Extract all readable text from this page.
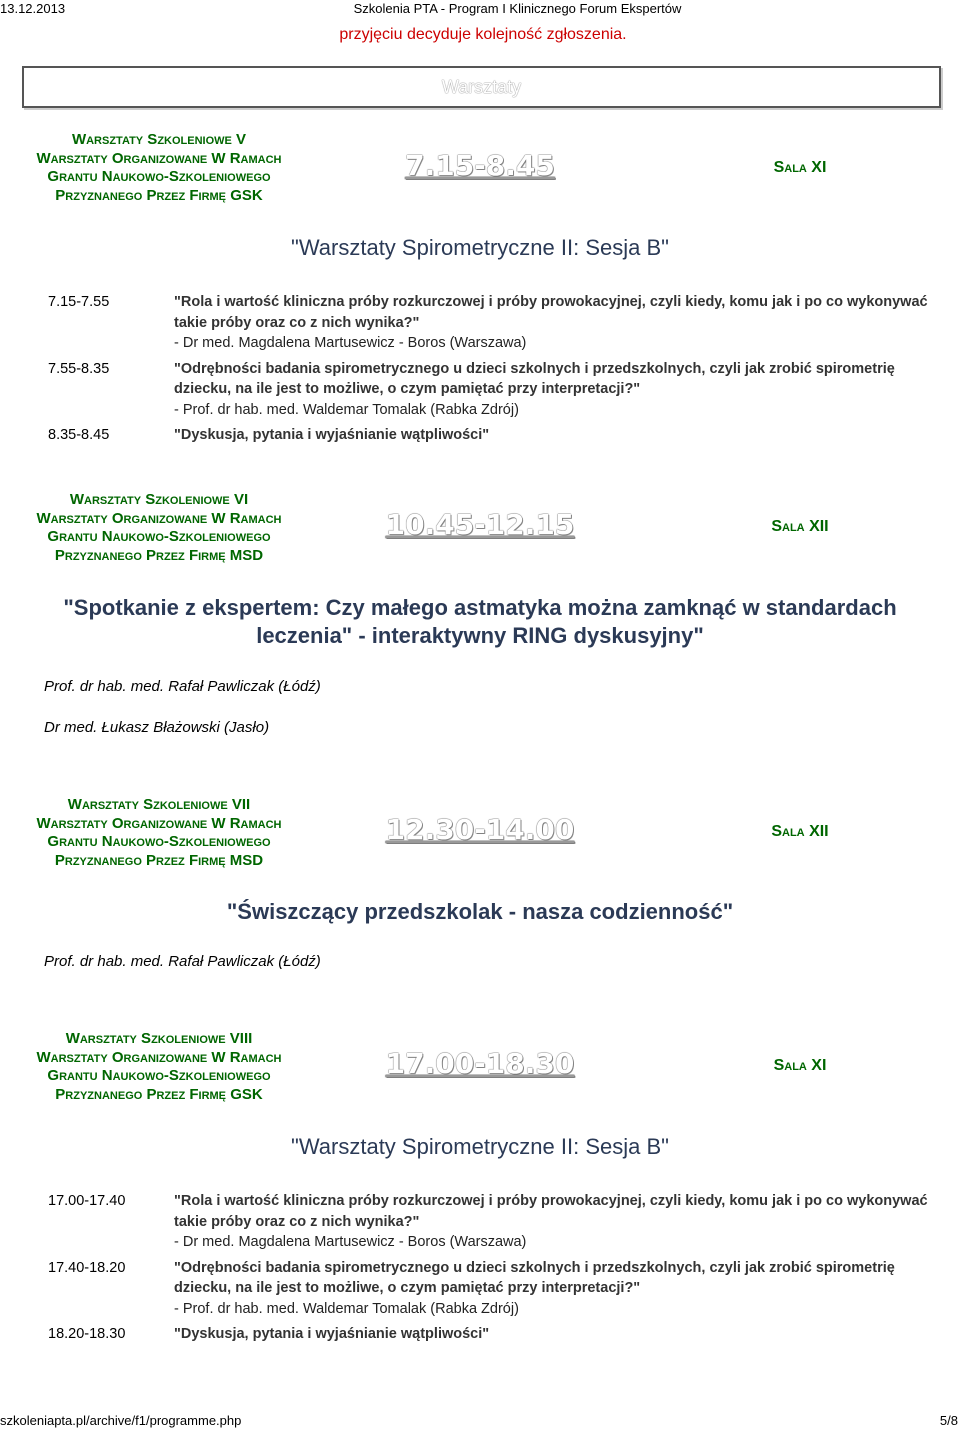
13.12.2013	Szkolenia PTA - Program I Klinicznego Forum Ekspertów
przyjęciu decyduje kolejność zgłoszenia.
Warsztaty
Warsztaty Szkoleniowe V
Warsztaty Organizowane W Ramach
Grantu Naukowo-Szkoleniowego
Przyznanego Przez Firmę GSK
7.15-8.45	Sala XI
"Warsztaty Spirometryczne II: Sesja B"
7.15-7.55	"Rola i wartość kliniczna próby rozkurczowej i próby prowokacyjnej, czyli kiedy, komu jak i po co wykonywać takie próby oraz co z nich wynika?"
- Dr med. Magdalena Martusewicz - Boros (Warszawa)

7.55-8.35	"Odrębności badania spirometrycznego u dzieci szkolnych i przedszkolnych, czyli jak zrobić spirometrię dziecku, na ile jest to możliwe, o czym pamiętać przy interpretacji?"
- Prof. dr hab. med. Waldemar Tomalak (Rabka Zdrój)

8.35-8.45	"Dyskusja, pytania i wyjaśnianie wątpliwości"
Warsztaty Szkoleniowe VI
Warsztaty Organizowane W Ramach
Grantu Naukowo-Szkoleniowego
Przyznanego Przez Firmę MSD
10.45-12.15	Sala XII
"Spotkanie z ekspertem: Czy małego astmatyka można zamknąć w standardach leczenia" - interaktywny RING dyskusyjny"
Prof. dr hab. med. Rafał Pawliczak (Łódź)
Dr med. Łukasz Błażowski (Jasło)
Warsztaty Szkoleniowe VII
Warsztaty Organizowane W Ramach
Grantu Naukowo-Szkoleniowego
Przyznanego Przez Firmę MSD
12.30-14.00	Sala XII
"Świszczący przedszkolak - nasza codzienność"
Prof. dr hab. med. Rafał Pawliczak (Łódź)
Warsztaty Szkoleniowe VIII
Warsztaty Organizowane W Ramach
Grantu Naukowo-Szkoleniowego
Przyznanego Przez Firmę GSK
17.00-18.30	Sala XI
"Warsztaty Spirometryczne II: Sesja B"
17.00-17.40	"Rola i wartość kliniczna próby rozkurczowej i próby prowokacyjnej, czyli kiedy, komu jak i po co wykonywać takie próby oraz co z nich wynika?"
- Dr med. Magdalena Martusewicz - Boros (Warszawa)

17.40-18.20	"Odrębności badania spirometrycznego u dzieci szkolnych i przedszkolnych, czyli jak zrobić spirometrię dziecku, na ile jest to możliwe, o czym pamiętać przy interpretacji?"
- Prof. dr hab. med. Waldemar Tomalak (Rabka Zdrój)

18.20-18.30	"Dyskusja, pytania i wyjaśnianie wątpliwości"
szkoleniapta.pl/archive/f1/programme.php	5/8
